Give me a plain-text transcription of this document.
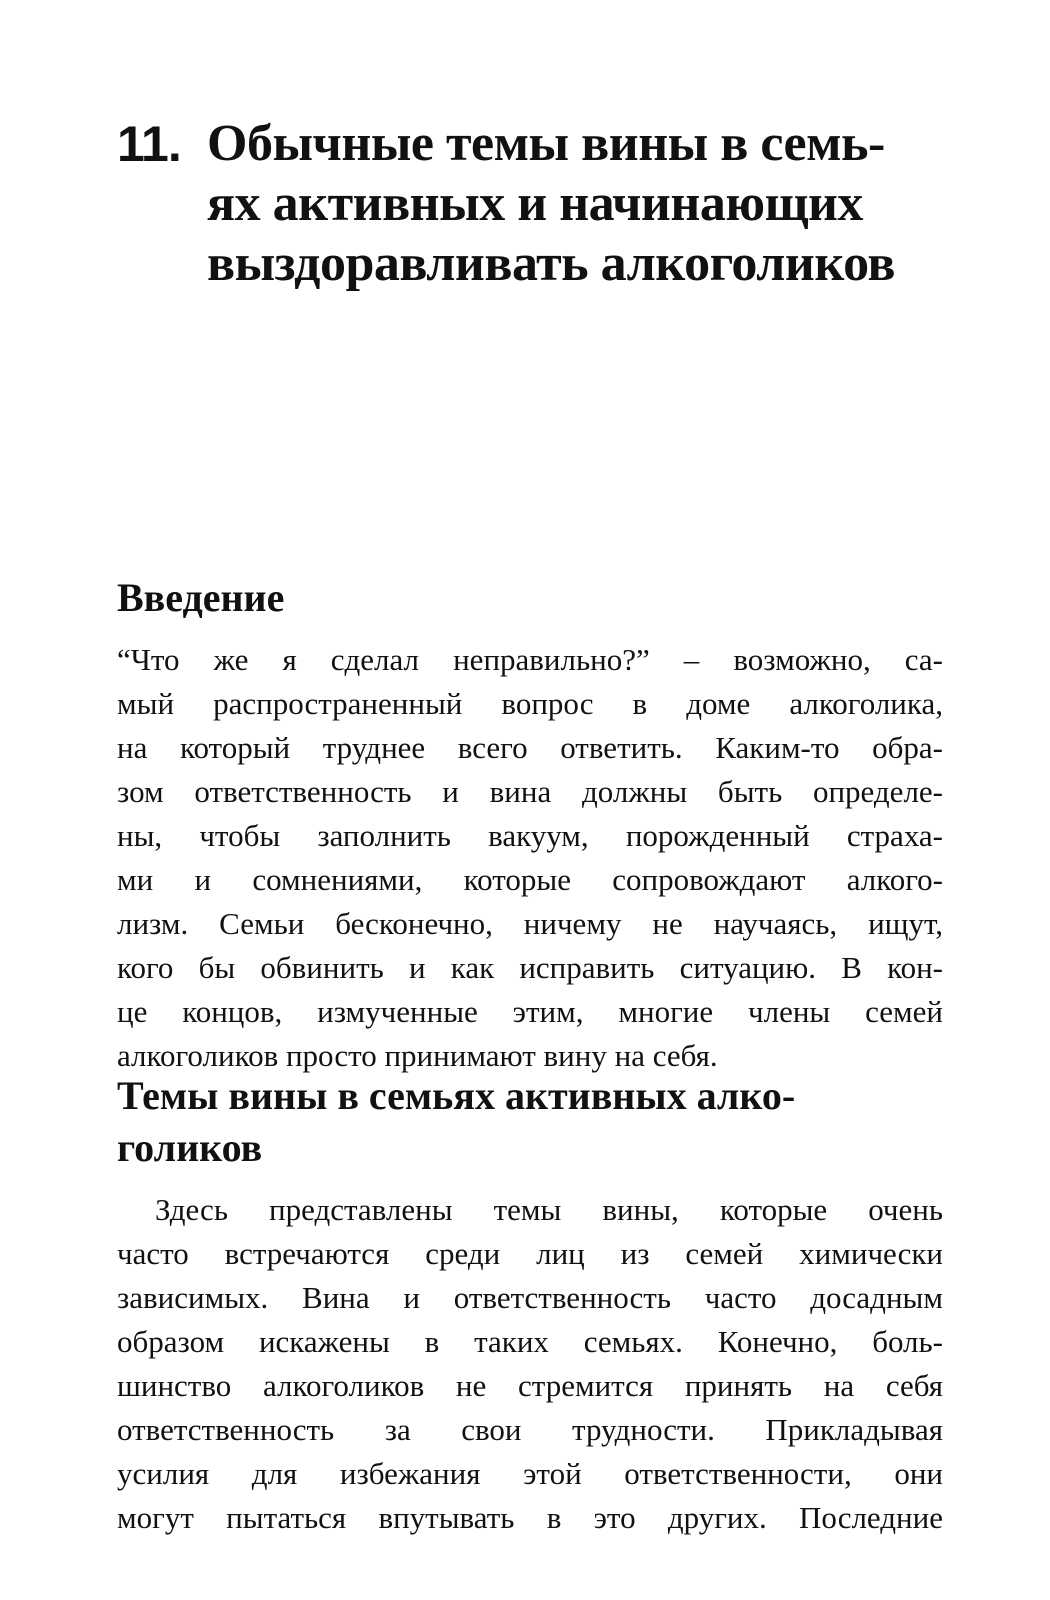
11. Обычные темы вины в семь-
ях активных и начинающих
выздоравливать алкоголиков
Введение
“Что же я сделал неправильно?” – возможно, са-
мый распространенный вопрос в доме алкоголика,
на который труднее всего ответить. Каким-то обра-
зом ответственность и вина должны быть определе-
ны, чтобы заполнить вакуум, порожденный страха-
ми и сомнениями, которые сопровождают алкого-
лизм. Семьи бесконечно, ничему не научаясь, ищут,
кого бы обвинить и как исправить ситуацию. В кон-
це концов, измученные этим, многие члены семей
алкоголиков просто принимают вину на себя.
Темы вины в семьях активных алко-
голиков
Здесь представлены темы вины, которые очень
часто встречаются среди лиц из семей химически
зависимых. Вина и ответственность часто досадным
образом искажены в таких семьях. Конечно, боль-
шинство алкоголиков не стремится принять на себя
ответственность за свои трудности. Прикладывая
усилия для избежания этой ответственности, они
могут пытаться впутывать в это других. Последние
